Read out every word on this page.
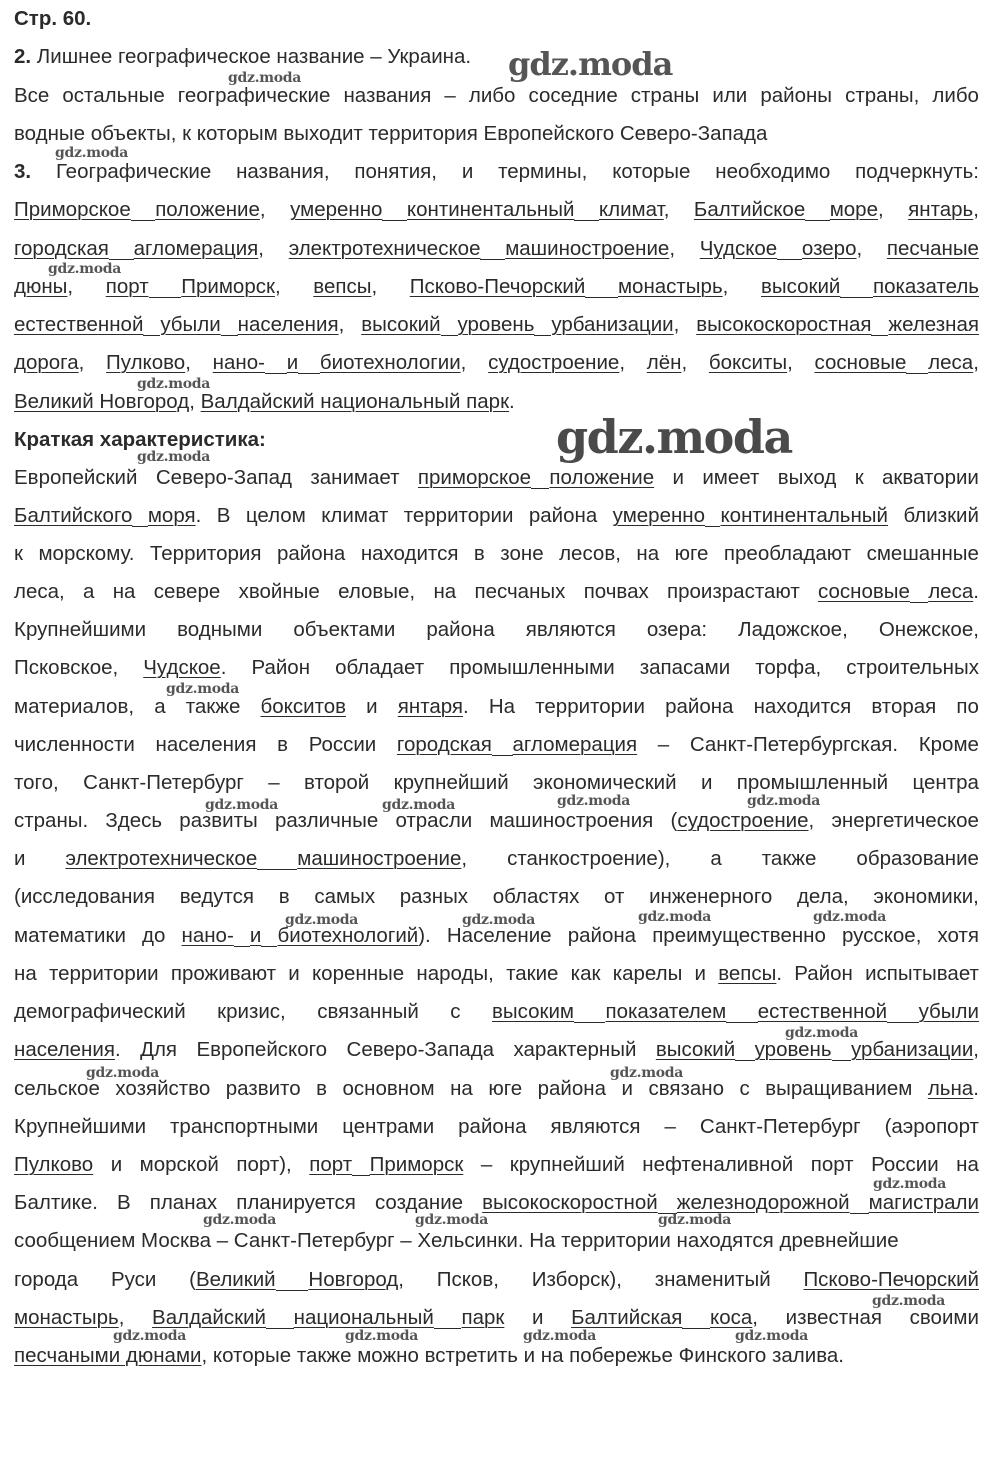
Стр. 60.
2. Лишнее географическое название – Украина.
Все остальные географические названия – либо соседние страны или районы страны, либо
водные объекты, к которым выходит территория Европейского Северо-Запада
3. Географические названия, понятия, и термины, которые необходимо подчеркнуть:
Приморское положение, умеренно континентальный климат, Балтийское море, янтарь,
городская агломерация, электротехническое машиностроение, Чудское озеро, песчаные
дюны, порт Приморск, вепсы, Псково-Печорский монастырь, высокий показатель
естественной убыли населения, высокий уровень урбанизации, высокоскоростная железная
дорога, Пулково, нано- и биотехнологии, судостроение, лён, бокситы, сосновые леса,
Великий Новгород, Валдайский национальный парк.
Краткая характеристика:
Европейский Северо-Запад занимает приморское положение и имеет выход к акватории
Балтийского моря. В целом климат территории района умеренно континентальный близкий
к морскому. Территория района находится в зоне лесов, на юге преобладают смешанные
леса, а на севере хвойные еловые, на песчаных почвах произрастают сосновые леса.
Крупнейшими водными объектами района являются озера: Ладожское, Онежское,
Псковское, Чудское. Район обладает промышленными запасами торфа, строительных
материалов, а также бокситов и янтаря. На территории района находится вторая по
численности населения в России городская агломерация – Санкт-Петербургская. Кроме
того, Санкт-Петербург – второй крупнейший экономический и промышленный центра
страны. Здесь развиты различные отрасли машиностроения (судостроение, энергетическое
и электротехническое машиностроение, станкостроение), а также образование
(исследования ведутся в самых разных областях от инженерного дела, экономики,
математики до нано- и биотехнологий). Население района преимущественно русское, хотя
на территории проживают и коренные народы, такие как карелы и вепсы. Район испытывает
демографический кризис, связанный с высоким показателем естественной убыли
населения. Для Европейского Северо-Запада характерный высокий уровень урбанизации,
сельское хозяйство развито в основном на юге района и связано с выращиванием льна.
Крупнейшими транспортными центрами района являются – Санкт-Петербург (аэропорт
Пулково и морской порт), порт Приморск – крупнейший нефтеналивной порт России на
Балтике. В планах планируется создание высокоскоростной железнодорожной магистрали
сообщением Москва – Санкт-Петербург – Хельсинки. На территории находятся древнейшие
города Руси (Великий Новгород, Псков, Изборск), знаменитый Псково-Печорский
монастырь, Валдайский национальный парк и Балтийская коса, известная своими
песчаными дюнами, которые также можно встретить и на побережье Финского залива.
gdz.moda
gdz.moda
gdz.moda
gdz.moda
gdz.moda
gdz.moda
gdz.moda	gdz.moda	gdz.moda	gdz.moda
gdz.moda	gdz.moda	gdz.moda	gdz.moda
gdz.moda
gdz.moda	gdz.moda
gdz.moda
gdz.moda	gdz.moda	gdz.moda
gdz.moda
gdz.moda	gdz.moda	gdz.moda	gdz.moda
gdz.moda
gdz.moda
